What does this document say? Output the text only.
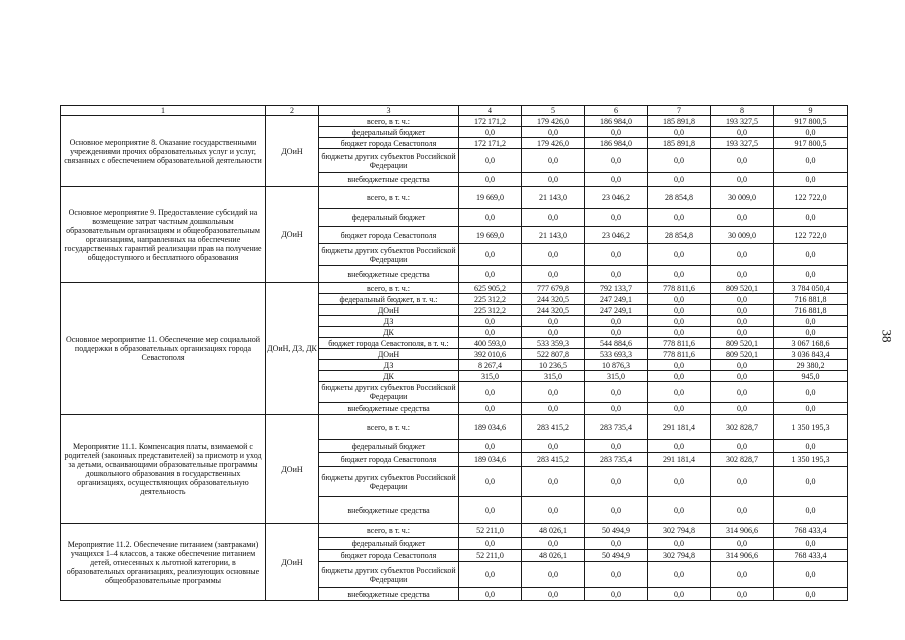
1	2	3	4	5	6	7	8	9
Основное мероприятие 8. Оказание государственными учреждениями прочих образовательных услуг и услуг, связанных с обеспечением образовательной деятельности	ДОиН	всего, в т. ч.:	172 171,2	179 426,0	186 984,0	185 891,8	193 327,5	917 800,5
		федеральный бюджет	0,0	0,0	0,0	0,0	0,0	0,0
		бюджет города Севастополя	172 171,2	179 426,0	186 984,0	185 891,8	193 327,5	917 800,5
		бюджеты других субъектов Российской Федерации	0,0	0,0	0,0	0,0	0,0	0,0
		внебюджетные средства	0,0	0,0	0,0	0,0	0,0	0,0
Основное мероприятие 9. Предоставление субсидий на возмещение затрат частным дошкольным образовательным организациям и общеобразовательным организациям, направленных на обеспечение государственных гарантий реализации прав на получение общедоступного и бесплатного образования	ДОиН	всего, в т. ч.:	19 669,0	21 143,0	23 046,2	28 854,8	30 009,0	122 722,0
		федеральный бюджет	0,0	0,0	0,0	0,0	0,0	0,0
		бюджет города Севастополя	19 669,0	21 143,0	23 046,2	28 854,8	30 009,0	122 722,0
		бюджеты других субъектов Российской Федерации	0,0	0,0	0,0	0,0	0,0	0,0
		внебюджетные средства	0,0	0,0	0,0	0,0	0,0	0,0
Основное мероприятие 11. Обеспечение мер социальной поддержки в образовательных организациях города Севастополя	ДОиН, ДЗ, ДК	всего, в т. ч.:	625 905,2	777 679,8	792 133,7	778 811,6	809 520,1	3 784 050,4
		федеральный бюджет, в т. ч.:	225 312,2	244 320,5	247 249,1	0,0	0,0	716 881,8
		ДОиН	225 312,2	244 320,5	247 249,1	0,0	0,0	716 881,8
		ДЗ	0,0	0,0	0,0	0,0	0,0	0,0
		ДК	0,0	0,0	0,0	0,0	0,0	0,0
		бюджет города Севастополя, в т. ч.:	400 593,0	533 359,3	544 884,6	778 811,6	809 520,1	3 067 168,6
		ДОиН	392 010,6	522 807,8	533 693,3	778 811,6	809 520,1	3 036 843,4
		ДЗ	8 267,4	10 236,5	10 876,3	0,0	0,0	29 380,2
		ДК	315,0	315,0	315,0	0,0	0,0	945,0
		бюджеты других субъектов Российской Федерации	0,0	0,0	0,0	0,0	0,0	0,0
		внебюджетные средства	0,0	0,0	0,0	0,0	0,0	0,0
Мероприятие 11.1. Компенсация платы, взимаемой с родителей (законных представителей) за присмотр и уход за детьми, осваивающими образовательные программы дошкольного образования в государственных организациях, осуществляющих образовательную деятельность	ДОиН	всего, в т. ч.:	189 034,6	283 415,2	283 735,4	291 181,4	302 828,7	1 350 195,3
		федеральный бюджет	0,0	0,0	0,0	0,0	0,0	0,0
		бюджет города Севастополя	189 034,6	283 415,2	283 735,4	291 181,4	302 828,7	1 350 195,3
		бюджеты других субъектов Российской Федерации	0,0	0,0	0,0	0,0	0,0	0,0
		внебюджетные средства	0,0	0,0	0,0	0,0	0,0	0,0
Мероприятие 11.2. Обеспечение питанием (завтраками) учащихся 1–4 классов, а также обеспечение питанием детей, отнесенных к льготной категории, в образовательных организациях, реализующих основные общеобразовательные программы	ДОиН	всего, в т. ч.:	52 211,0	48 026,1	50 494,9	302 794,8	314 906,6	768 433,4
		федеральный бюджет	0,0	0,0	0,0	0,0	0,0	0,0
		бюджет города Севастополя	52 211,0	48 026,1	50 494,9	302 794,8	314 906,6	768 433,4
		бюджеты других субъектов Российской Федерации	0,0	0,0	0,0	0,0	0,0	0,0
		внебюджетные средства	0,0	0,0	0,0	0,0	0,0	0,0
38
